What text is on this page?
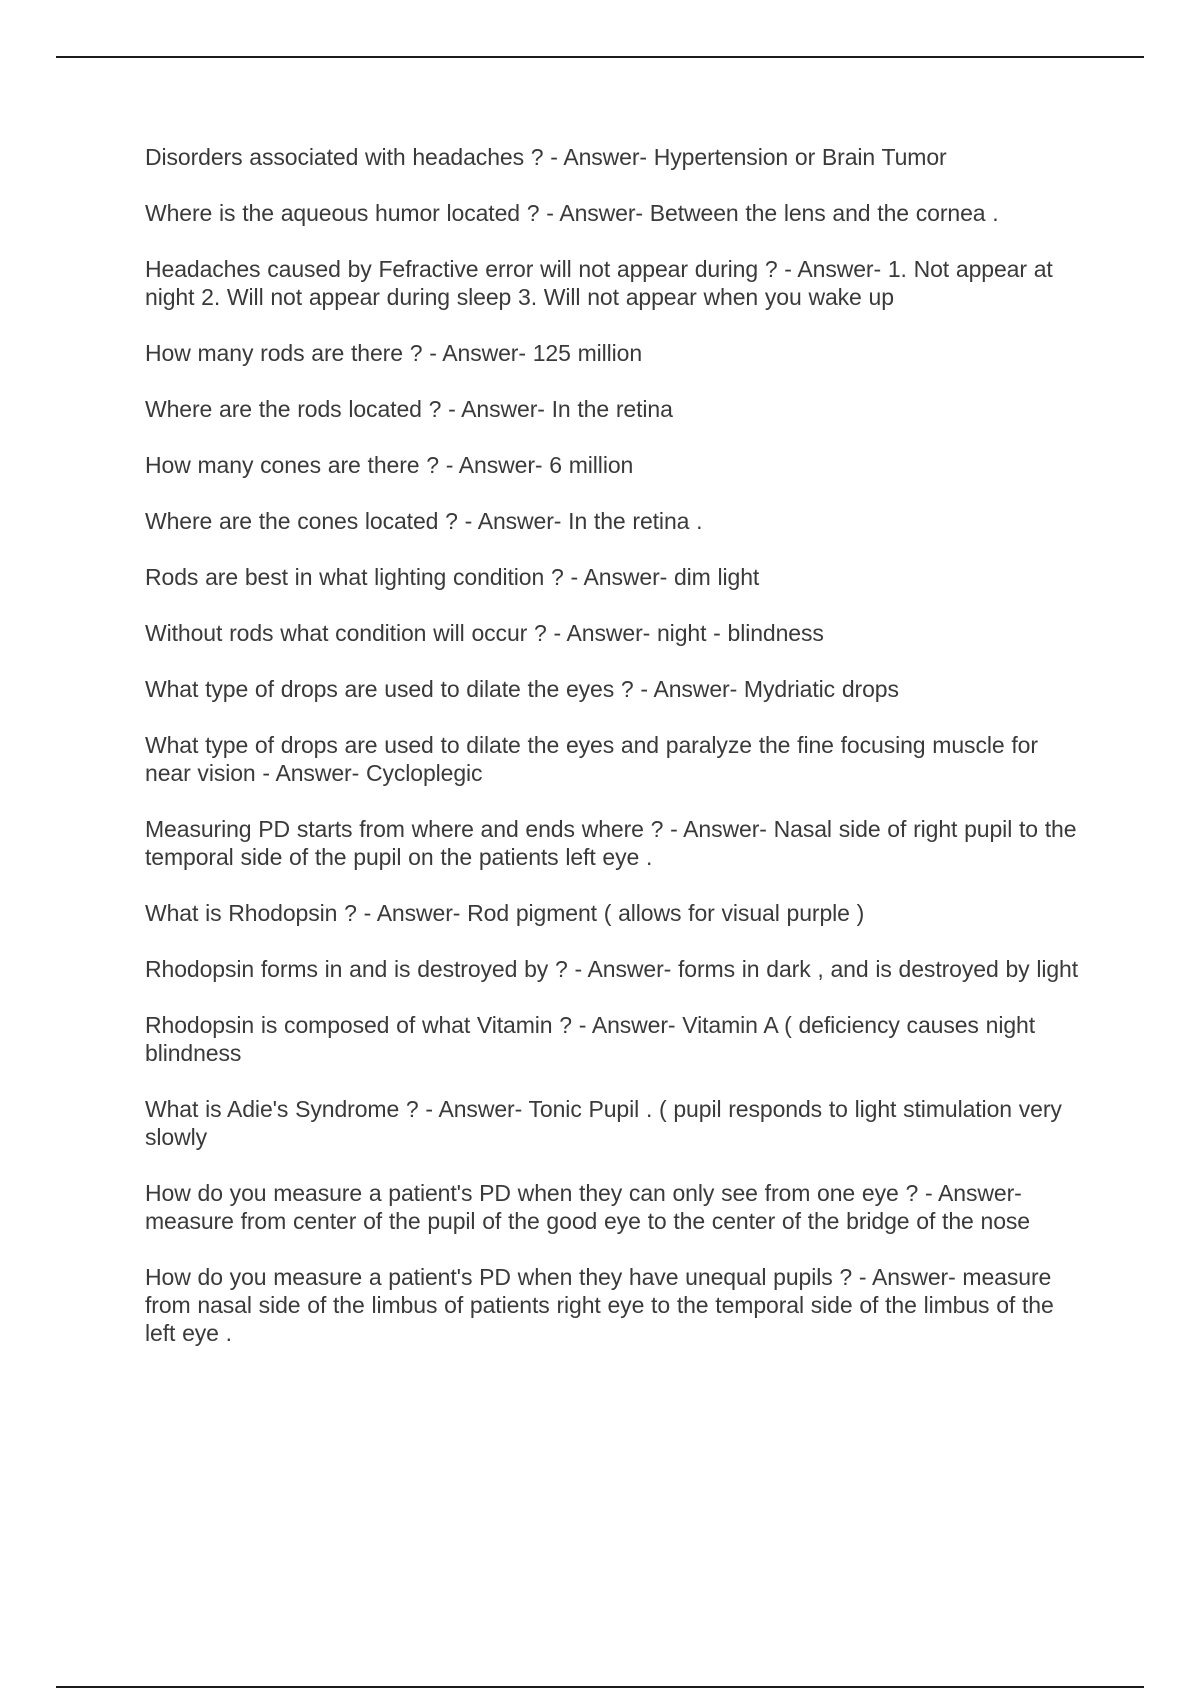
Disorders associated with headaches ? - Answer- Hypertension or Brain Tumor
Where is the aqueous humor located ? - Answer- Between the lens and the cornea .
Headaches caused by Fefractive error will not appear during ? - Answer- 1. Not appear at night 2. Will not appear during sleep 3. Will not appear when you wake up
How many rods are there ? - Answer- 125 million
Where are the rods located ? - Answer- In the retina
How many cones are there ? - Answer- 6 million
Where are the cones located ? - Answer- In the retina .
Rods are best in what lighting condition ? - Answer- dim light
Without rods what condition will occur ? - Answer- night - blindness
What type of drops are used to dilate the eyes ? - Answer- Mydriatic drops
What type of drops are used to dilate the eyes and paralyze the fine focusing muscle for near vision - Answer- Cycloplegic
Measuring PD starts from where and ends where ? - Answer- Nasal side of right pupil to the temporal side of the pupil on the patients left eye .
What is Rhodopsin ? - Answer- Rod pigment ( allows for visual purple )
Rhodopsin forms in and is destroyed by ? - Answer- forms in dark , and is destroyed by light
Rhodopsin is composed of what Vitamin ? - Answer- Vitamin A ( deficiency causes night blindness
What is Adie's Syndrome ? - Answer- Tonic Pupil . ( pupil responds to light stimulation very slowly
How do you measure a patient's PD when they can only see from one eye ? - Answer- measure from center of the pupil of the good eye to the center of the bridge of the nose
How do you measure a patient's PD when they have unequal pupils ? - Answer- measure from nasal side of the limbus of patients right eye to the temporal side of the limbus of the left eye .
